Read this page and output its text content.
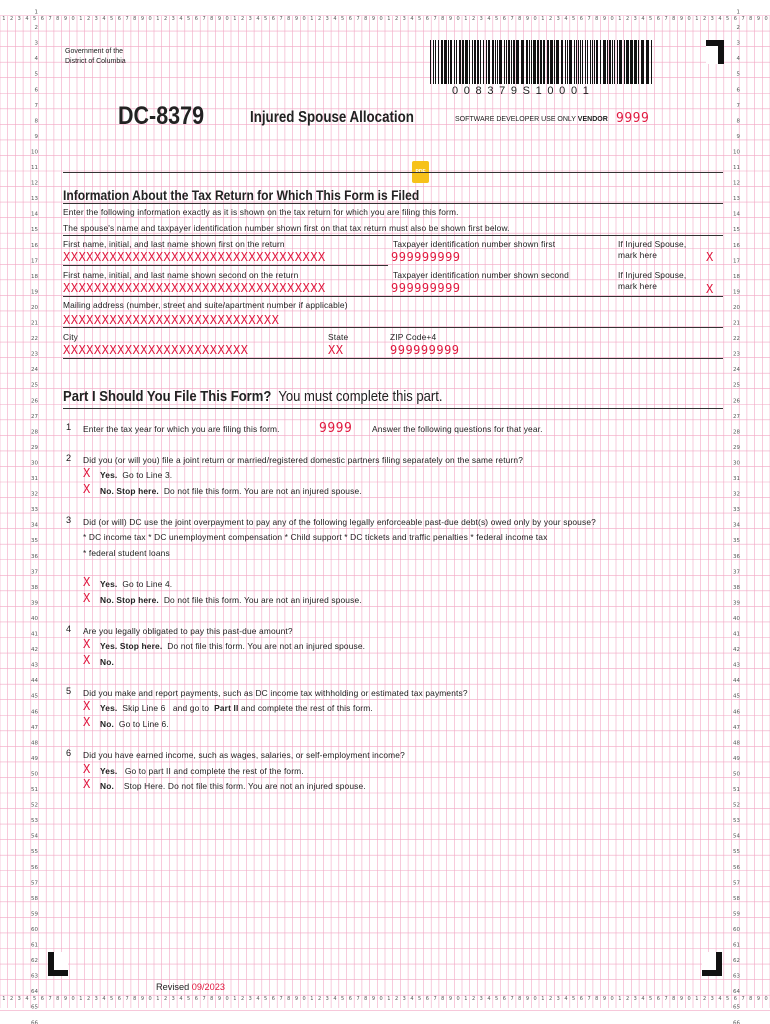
1	1
2	2
3	3
4	4
5	5
6	6
7	7
8	8
9	9
10	10
11	11
12	12
13	13
14	14
15	15
16	16
17	17
18	18
19	19
20	20
21	21
22	22
23	23
24	24
25	25
26	26
27	27
28	28
29	29
30	30
31	31
32	32
33	33
34	34
35	35
36	36
37	37
38	38
39	39
40	40
41	41
42	42
43	43
44	44
45	45
46	46
47	47
48	48
49	49
50	50
51	51
52	52
53	53
54	54
55	55
56	56
57	57
58	58
59	59
60	60
61	61
62	62
63	63
64	64
65	65
66	66
1
1
2
2
3
3
4
4
5
5
6
6
7
7
8
8
9
9
0
0
1
1
2
2
3
3
4
4
5
5
6
6
7
7
8
8
9
9
0
0
1
1
2
2
3
3
4
4
5
5
6
6
7
7
8
8
9
9
0
0
1
1
2
2
3
3
4
4
5
5
6
6
7
7
8
8
9
9
0
0
1
1
2
2
3
3
4
4
5
5
6
6
7
7
8
8
9
9
0
0
1
1
2
2
3
3
4
4
5
5
6
6
7
7
8
8
9
9
0
0
1
1
2
2
3
3
4
4
5
5
6
6
7
7
8
8
9
9
0
0
1
1
2
2
3
3
4
4
5
5
6
6
7
7
8
8
9
9
0
0
1
1
2
2
3
3
4
4
5
5
6
6
7
7
8
8
9
9
0
0
1
1
2
2
3
3
4
4
5
5
6
6
7
7
8
8
9
9
0
0
Government of the
District of Columbia
0 0 8 3 7 9 S 1 0 0 0 1
DC-8379	Injured Spouse Allocation	SOFTWARE DEVELOPER USE ONLY VENDOR 9999
Information About the Tax Return for Which This Form is Filed
Enter the following information exactly as it is shown on the tax return for which you are filing this form.
The spouse's name and taxpayer identification number shown first on that tax return must also be shown first below.
First name, initial, and last name shown first on the return
XXXXXXXXXXXXXXXXXXXXXXXXXXXXXXXXXX
Taxpayer identification number shown first
999999999
If Injured Spouse,
mark here	X
First name, initial, and last name shown second on the return
XXXXXXXXXXXXXXXXXXXXXXXXXXXXXXXXXX
Taxpayer identification number shown second
999999999
If Injured Spouse,
mark here	X
Mailing address (number, street and suite/apartment number if applicable)
XXXXXXXXXXXXXXXXXXXXXXXXXXXX
City
XXXXXXXXXXXXXXXXXXXXXXXX
State
XX
ZIP Code+4
999999999
Part I Should You File This Form? You must complete this part.
1 Enter the tax year for which you are filing this form.	9999 Answer the following questions for that year.
2 Did you (or will you) file a joint return or married/registered domestic partners filing separately on the same return?
X Yes. Go to Line 3.
X No. Stop here. Do not file this form. You are not an injured spouse.
3 Did (or will) DC use the joint overpayment to pay any of the following legally enforceable past-due debt(s) owed only by your spouse?
* DC income tax * DC unemployment compensation * Child support * DC tickets and traffic penalties * federal income tax
* federal student loans
X Yes. Go to Line 4.
X No. Stop here. Do not file this form. You are not an injured spouse.
4 Are you legally obligated to pay this past-due amount?
X Yes. Stop here. Do not file this form. You are not an injured spouse.
X No.
5 Did you make and report payments, such as DC income tax withholding or estimated tax payments?
X Yes. Skip Line 6 and go to Part II and complete the rest of this form.
X No. Go to Line 6.
6 Did you have earned income, such as wages, salaries, or self-employment income?
X Yes. Go to part II and complete the rest of the form.
X No. Stop Here. Do not file this form. You are not an injured spouse.
Revised 09/2023
